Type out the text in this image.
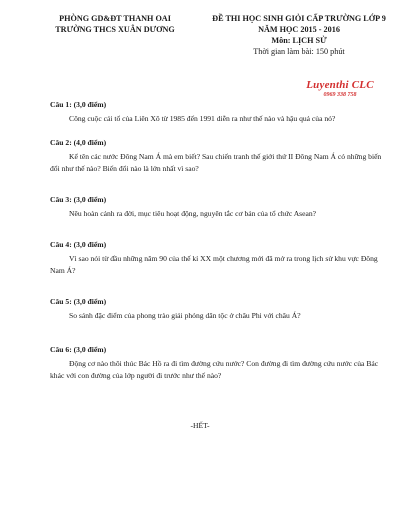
PHÒNG GD&ĐT THANH OAI
TRƯỜNG THCS XUÂN DƯƠNG
ĐỀ THI HỌC SINH GIỎI CẤP TRƯỜNG LỚP 9
NĂM HỌC 2015 - 2016
Môn: LỊCH SỬ
Thời gian làm bài: 150 phút
Luyenthi CLC
0969 338 758
Câu 1: (3,0 điểm)
Công cuộc cải tổ của Liên Xô từ 1985 đến 1991 diễn ra như thế nào và hậu quả của nó?
Câu 2: (4,0 điểm)
Kể tên các nước Đông Nam Á mà em biết? Sau chiến tranh thế giới thứ II Đông Nam Á có những biến đổi như thế nào? Biến đổi nào là lớn nhất vì sao?
Câu 3: (3,0 điểm)
Nêu hoàn cảnh ra đời, mục tiêu hoạt động, nguyên tắc cơ bản của tổ chức Asean?
Câu 4: (3,0 điểm)
Vì sao nói từ đầu những năm 90 của thế kỉ XX một chương mới đã mở ra trong lịch sử khu vực Đông Nam Á?
Câu 5: (3,0 điểm)
So sánh đặc điểm của phong trào giải phóng dân tộc ở châu Phi với châu Á?
Câu 6: (3,0 điểm)
Động cơ nào thôi thúc Bác Hồ ra đi tìm đường cứu nước? Con đường đi tìm đường cứu nước của Bác khác với con đường của lớp người đi trước như thế nào?
-HẾT-
